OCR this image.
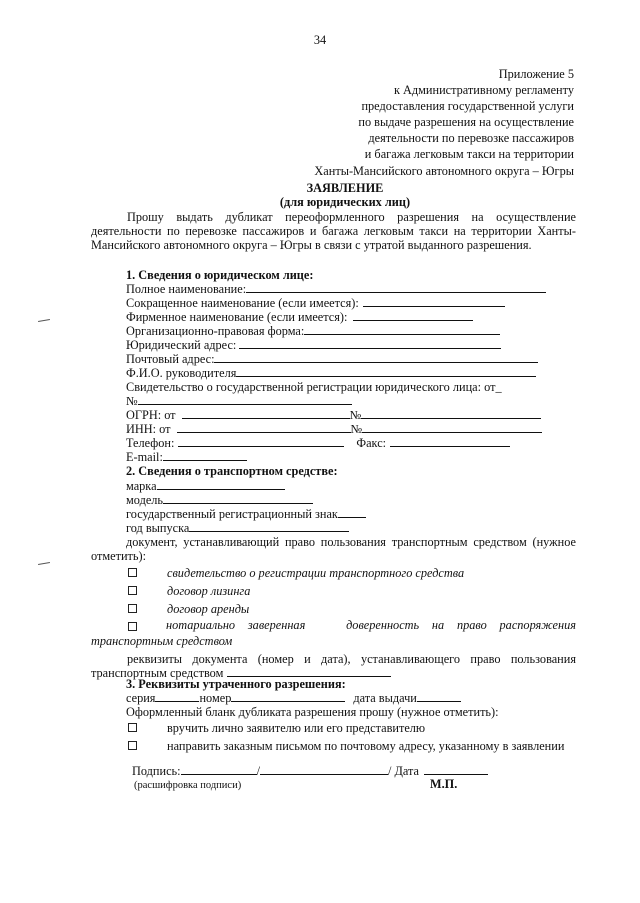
34
Приложение 5
к Административному регламенту
предоставления государственной услуги
по выдаче разрешения на осуществление
деятельности по перевозке пассажиров
и багажа легковым такси на территории
Ханты-Мансийского автономного округа – Югры
ЗАЯВЛЕНИЕ
(для юридических лиц)
Прошу выдать дубликат переоформленного разрешения на осуществление
деятельности по перевозке пассажиров и багажа легковым такси на территории Ханты-
Мансийского автономного округа – Югры в связи с утратой выданного разрешения.
1. Сведения о юридическом лице:
Полное наименование:
Сокращенное наименование (если имеется):
Фирменное наименование (если имеется):
Организационно-правовая форма:
Юридический адрес:
Почтовый адрес:
Ф.И.О. руководителя
Свидетельство о государственной регистрации юридического лица: от_
№
ОГРН: от	№
ИНН: от	№
Телефон:	Факс:
E-mail:
2. Сведения о транспортном средстве:
марка
модель
государственный регистрационный знак
год выпуска
документ, устанавливающий право пользования транспортным средством (нужное
отметить):
свидетельство о регистрации транспортного средства
договор лизинга
договор аренды
нотариально заверенная	доверенность на право распоряжения
транспортным средством
реквизиты документа (номер и дата), устанавливающего право пользования
транспортным средством
3. Реквизиты утраченного разрешения:
серия	номер	дата выдачи
Оформленный бланк дубликата разрешения прошу (нужное отметить):
вручить лично заявителю или его представителю
направить заказным письмом по почтовому адресу, указанному в заявлении
Подпись:	/	/ Дата
(расшифровка подписи)	М.П.
